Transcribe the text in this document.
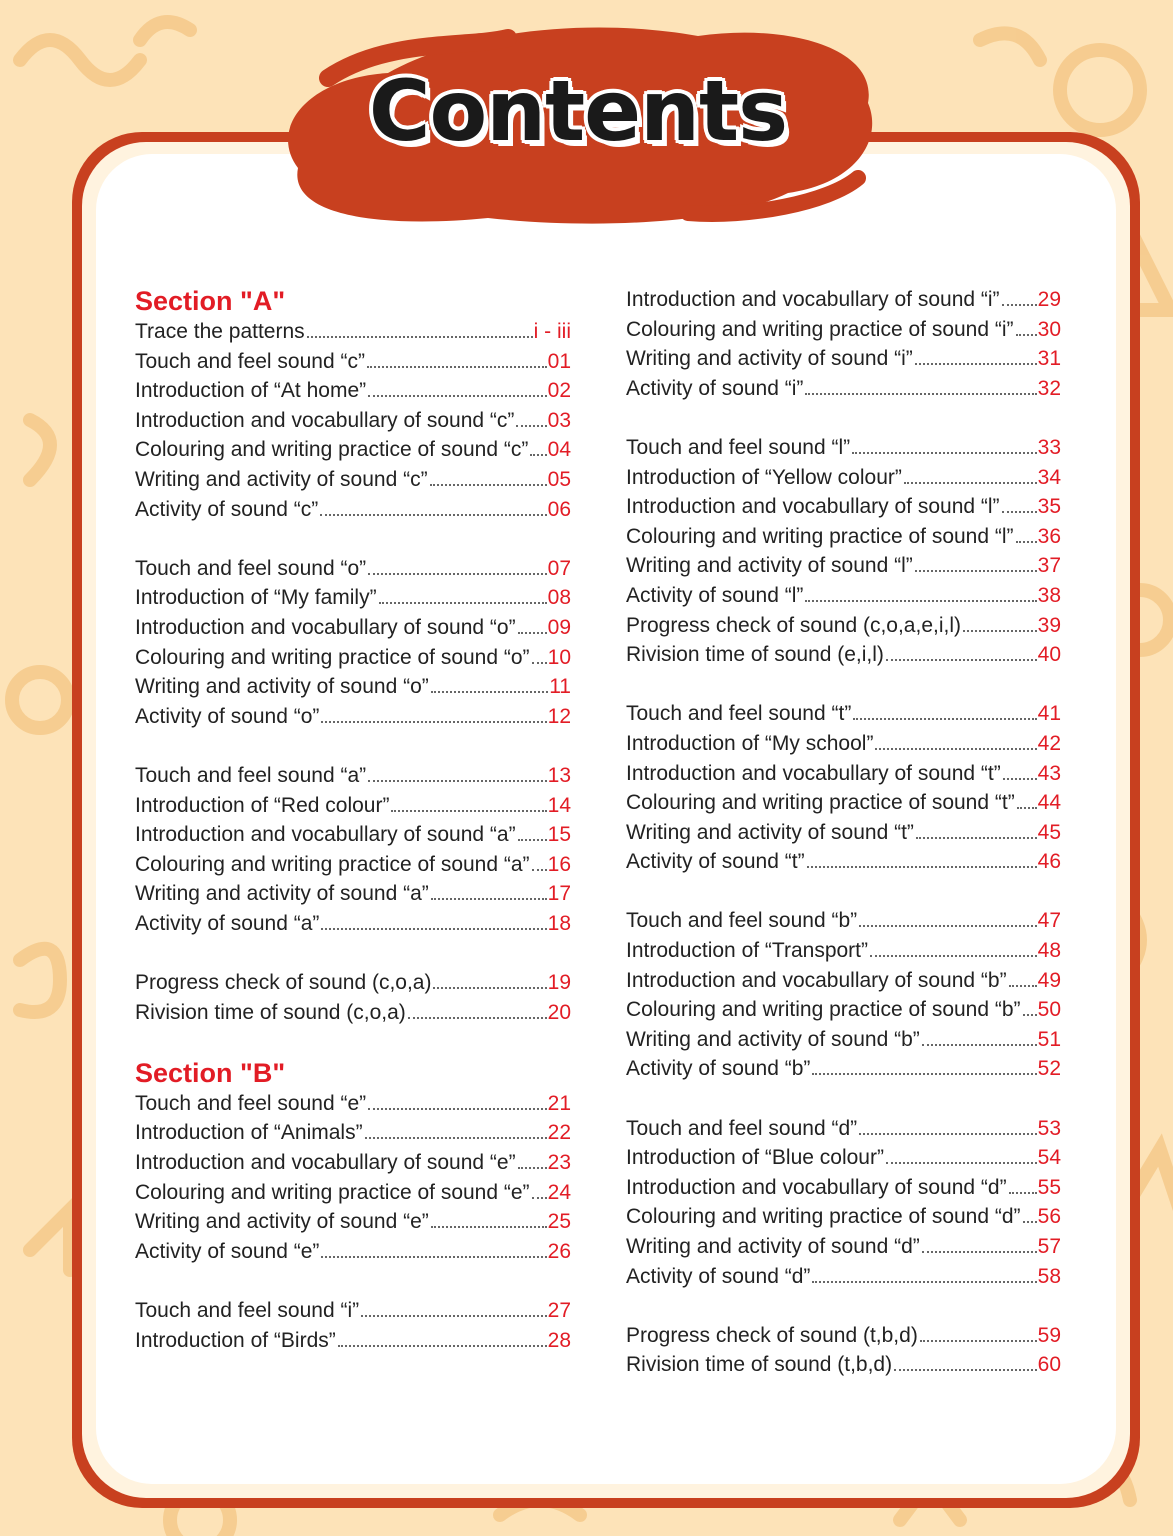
Contents
Section "A"
Trace the patterns	i - iii
Touch and feel sound “c”	01
Introduction of “At home”	02
Introduction and vocabullary of sound “c” 03
Colouring and writing practice of sound “c” 04
Writing and activity of sound “c”	05
Activity of sound “c”	06
Touch and feel sound “o”	07
Introduction of “My family”	08
Introduction and vocabullary of sound “o” 09
Colouring and writing practice of sound “o” 10
Writing and activity of sound “o”	11
Activity of sound “o”	12
Touch and feel sound “a”	13
Introduction of “Red colour”	14
Introduction and vocabullary of sound “a” 15
Colouring and writing practice of sound “a” 16
Writing and activity of sound “a”	17
Activity of sound “a”	18
Progress check of sound (c,o,a)	19
Rivision time of sound (c,o,a)	20
Section "B"
Touch and feel sound “e”	21
Introduction of “Animals”	22
Introduction and vocabullary of sound “e” 23
Colouring and writing practice of sound “e” 24
Writing and activity of sound “e”	25
Activity of sound “e”	26
Touch and feel sound “i”	27
Introduction of “Birds”	28
Introduction and vocabullary of sound “i” 29
Colouring and writing practice of sound “i” 30
Writing and activity of sound “i”	31
Activity of sound “i”	32
Touch and feel sound “l”	33
Introduction of “Yellow colour”	34
Introduction and vocabullary of sound “l” 35
Colouring and writing practice of sound “l” 36
Writing and activity of sound “l”	37
Activity of sound “l”	38
Progress check of sound (c,o,a,e,i,l)	39
Rivision time of sound (e,i,l)	40
Touch and feel sound “t”	41
Introduction of “My school”	42
Introduction and vocabullary of sound “t” 43
Colouring and writing practice of sound “t” 44
Writing and activity of sound “t”	45
Activity of sound “t”	46
Touch and feel sound “b”	47
Introduction of “Transport”	48
Introduction and vocabullary of sound “b” 49
Colouring and writing practice of sound “b” 50
Writing and activity of sound “b”	51
Activity of sound “b”	52
Touch and feel sound “d”	53
Introduction of “Blue colour”	54
Introduction and vocabullary of sound “d” 55
Colouring and writing practice of sound “d” 56
Writing and activity of sound “d”	57
Activity of sound “d”	58
Progress check of sound (t,b,d)	59
Rivision time of sound (t,b,d)	60
